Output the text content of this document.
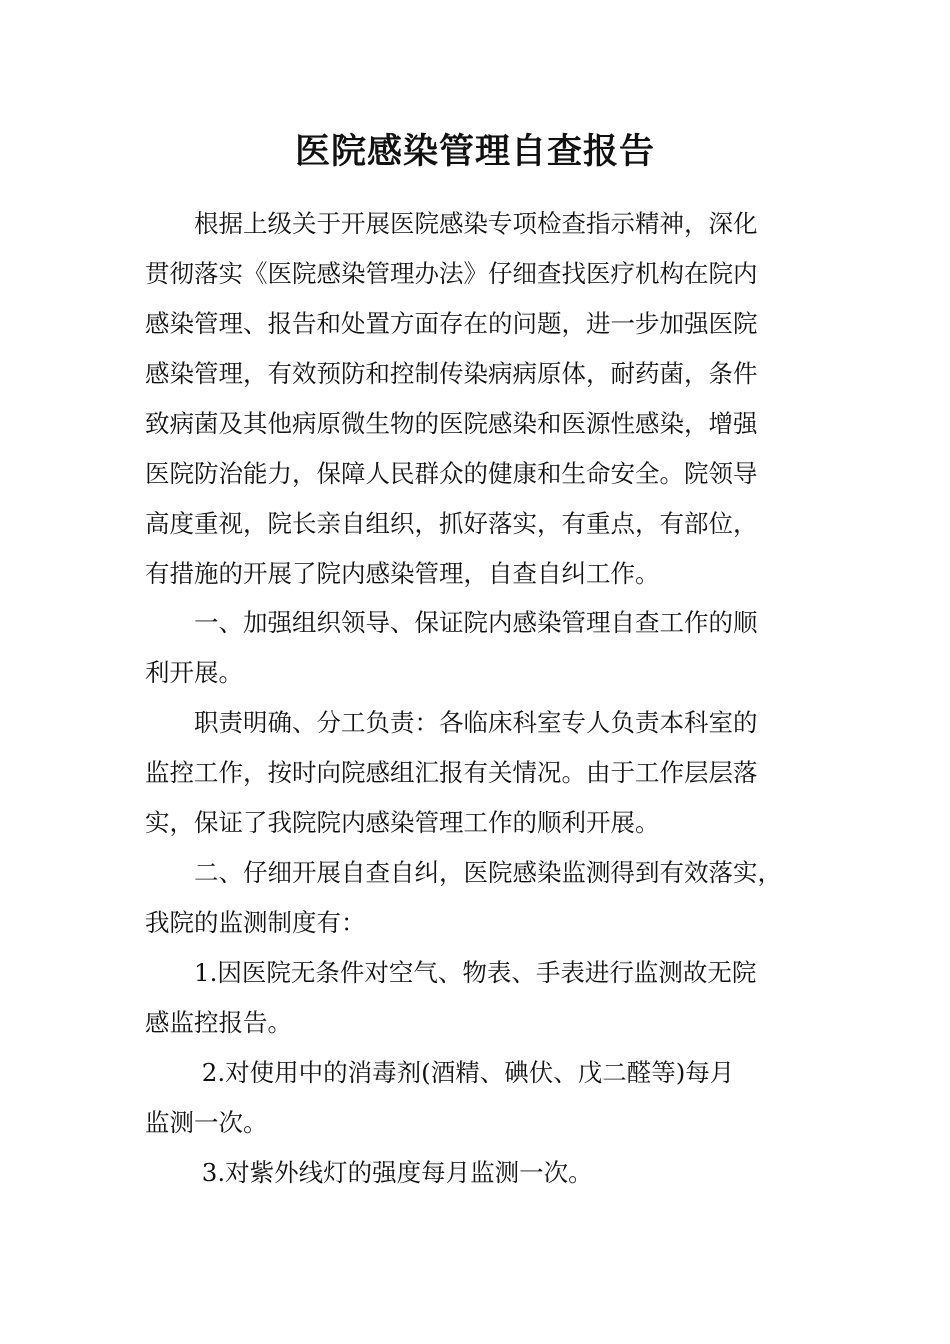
医院感染管理自查报告

　　根据上级关于开展医院感染专项检查指示精神，深化

贯彻落实《医院感染管理办法》仔细查找医疗机构在院内

感染管理、报告和处置方面存在的问题，进一步加强医院

感染管理，有效预防和控制传染病病原体，耐药菌，条件

致病菌及其他病原微生物的医院感染和医源性感染，增强

医院防治能力，保障人民群众的健康和生命安全。院领导

高度重视，院长亲自组织，抓好落实，有重点，有部位，

有措施的开展了院内感染管理，自查自纠工作。

　　一、加强组织领导、保证院内感染管理自查工作的顺

利开展。

　　职责明确、分工负责：各临床科室专人负责本科室的

监控工作，按时向院感组汇报有关情况。由于工作层层落

实，保证了我院院内感染管理工作的顺利开展。

　　二、仔细开展自查自纠，医院感染监测得到有效落实，

我院的监测制度有：

　　1.因医院无条件对空气、物表、手表进行监测故无院

感监控报告。

　　 2.对使用中的消毒剂(酒精、碘伏、戊二醛等)每月

监测一次。

　　 3.对紫外线灯的强度每月监测一次。
